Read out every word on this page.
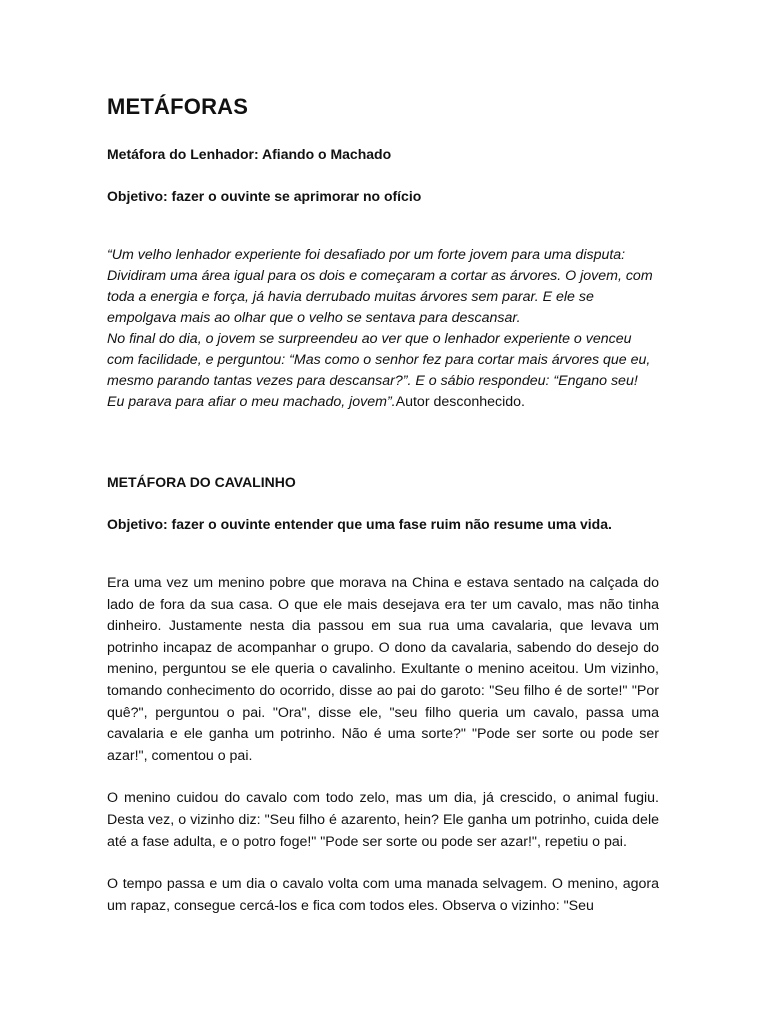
METÁFORAS

Metáfora do Lenhador: Afiando o Machado

Objetivo: fazer o ouvinte se aprimorar no ofício

“Um velho lenhador experiente foi desafiado por um forte jovem para uma disputa: Dividiram uma área igual para os dois e começaram a cortar as árvores. O jovem, com toda a energia e força, já havia derrubado muitas árvores sem parar. E ele se empolgava mais ao olhar que o velho se sentava para descansar.

No final do dia, o jovem se surpreendeu ao ver que o lenhador experiente o venceu com facilidade, e perguntou: “Mas como o senhor fez para cortar mais árvores que eu, mesmo parando tantas vezes para descansar?”. E o sábio respondeu: “Engano seu! Eu parava para afiar o meu machado, jovem”.Autor desconhecido.

METÁFORA DO CAVALINHO

Objetivo: fazer o ouvinte entender que uma fase ruim não resume uma vida.

Era uma vez um menino pobre que morava na China e estava sentado na calçada do lado de fora da sua casa. O que ele mais desejava era ter um cavalo, mas não tinha dinheiro. Justamente nesta dia passou em sua rua uma cavalaria, que levava um potrinho incapaz de acompanhar o grupo. O dono da cavalaria, sabendo do desejo do menino, perguntou se ele queria o cavalinho. Exultante o menino aceitou. Um vizinho, tomando conhecimento do ocorrido, disse ao pai do garoto: "Seu filho é de sorte!" "Por quê?", perguntou o pai. "Ora", disse ele, "seu filho queria um cavalo, passa uma cavalaria e ele ganha um potrinho. Não é uma sorte?" "Pode ser sorte ou pode ser azar!", comentou o pai.

O menino cuidou do cavalo com todo zelo, mas um dia, já crescido, o animal fugiu. Desta vez, o vizinho diz: "Seu filho é azarento, hein? Ele ganha um potrinho, cuida dele até a fase adulta, e o potro foge!" "Pode ser sorte ou pode ser azar!", repetiu o pai.

O tempo passa e um dia o cavalo volta com uma manada selvagem. O menino, agora um rapaz, consegue cercá-los e fica com todos eles. Observa o vizinho: "Seu
